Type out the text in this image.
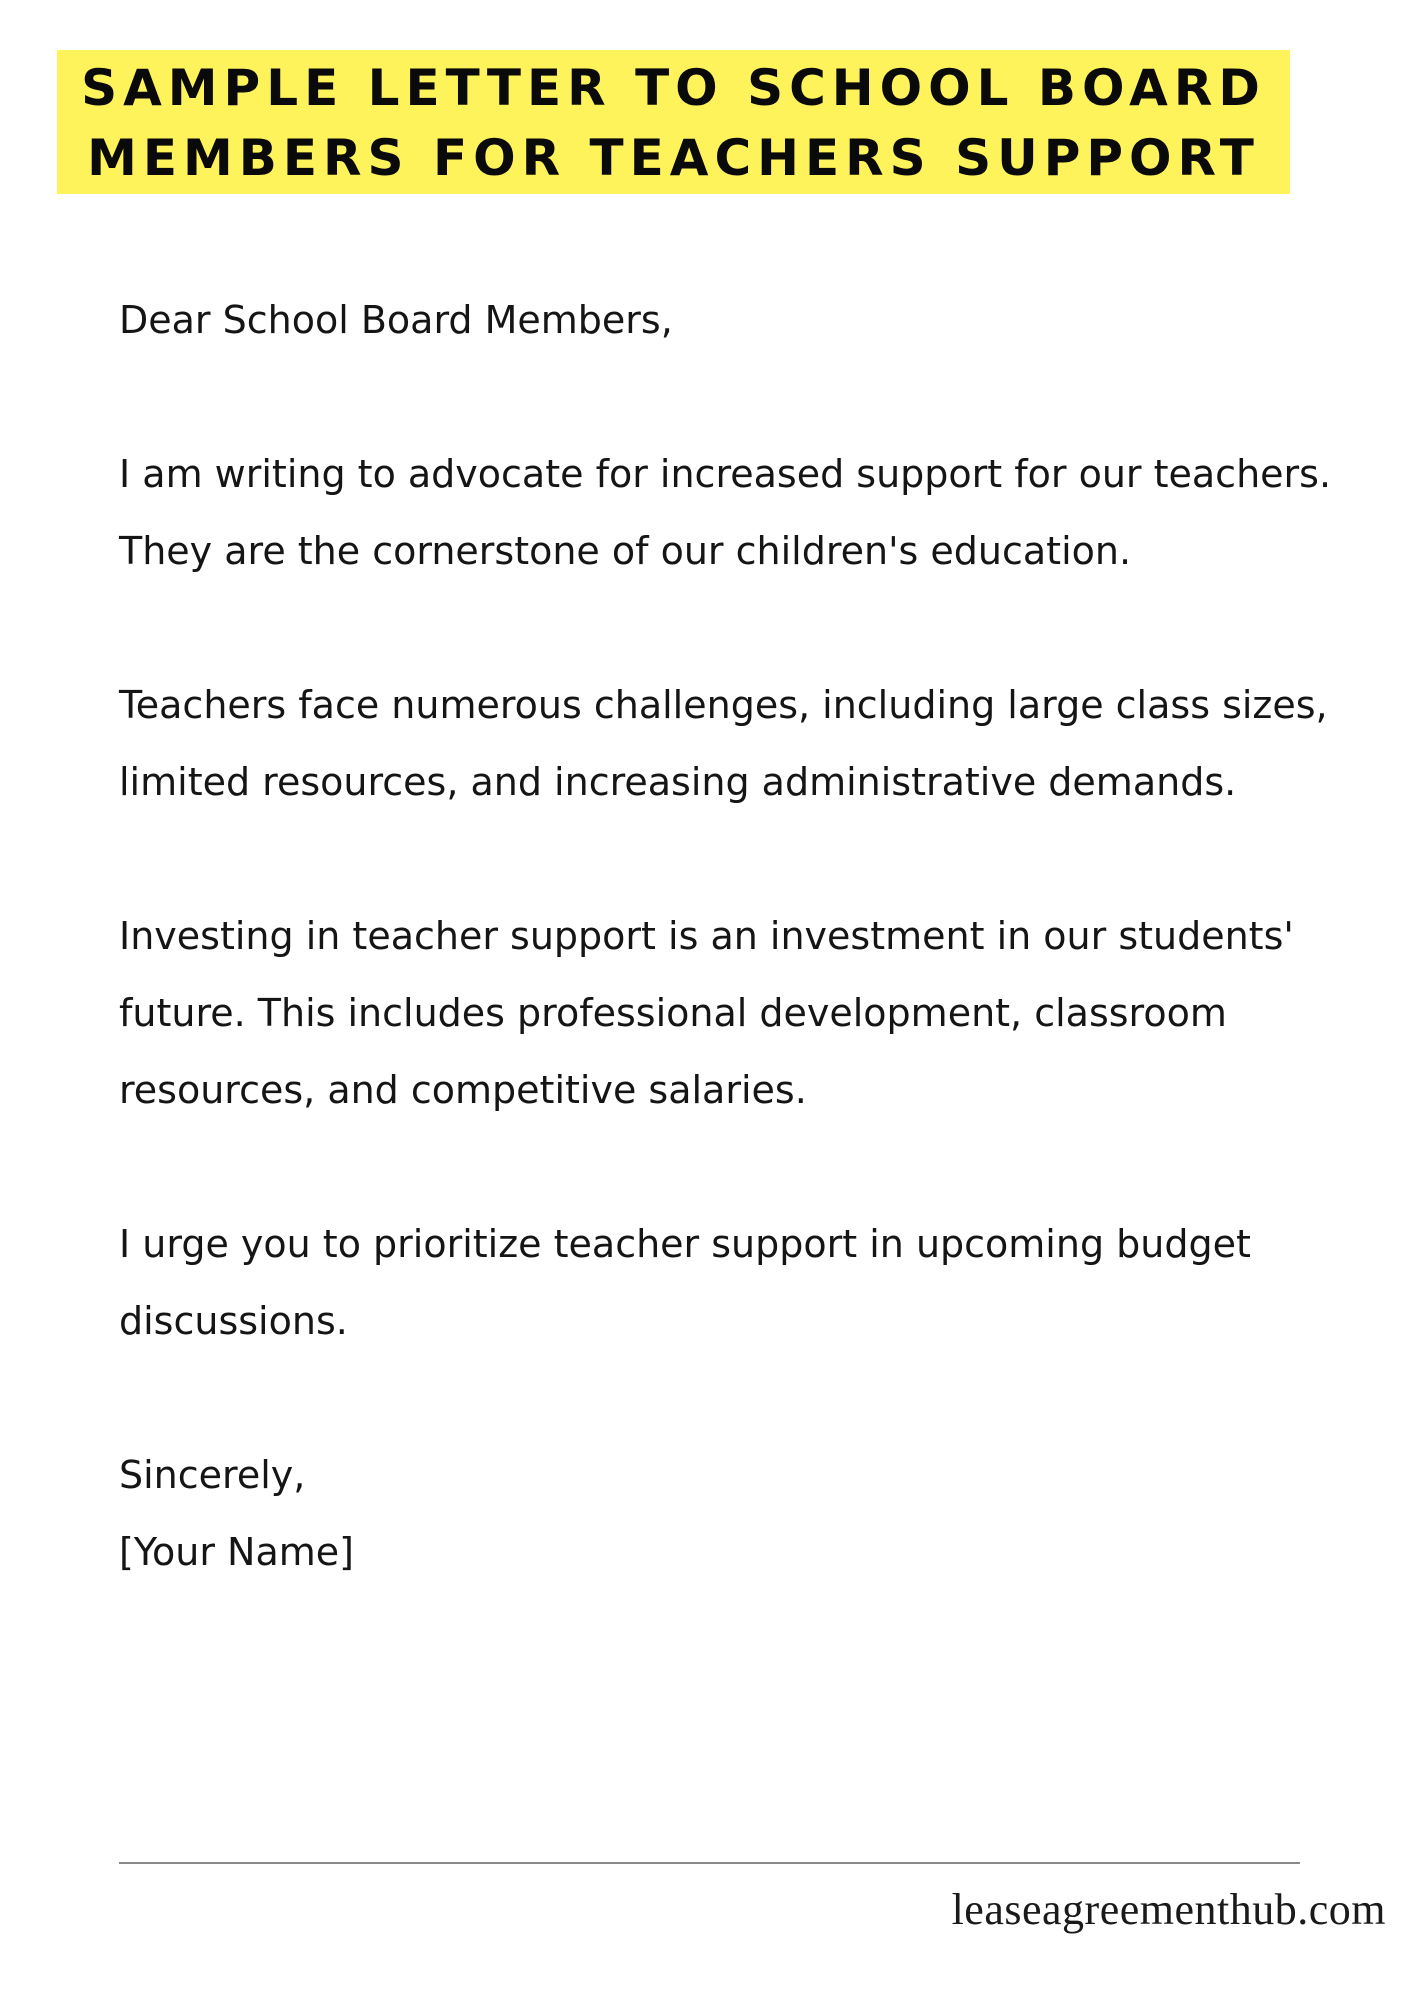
SAMPLE LETTER TO SCHOOL BOARD
MEMBERS FOR TEACHERS SUPPORT

Dear School Board Members,

I am writing to advocate for increased support for our teachers. They are the cornerstone of our children's education.

Teachers face numerous challenges, including large class sizes, limited resources, and increasing administrative demands.

Investing in teacher support is an investment in our students' future. This includes professional development, classroom resources, and competitive salaries.

I urge you to prioritize teacher support in upcoming budget discussions.

Sincerely,
[Your Name]
leaseagreementhub.com
